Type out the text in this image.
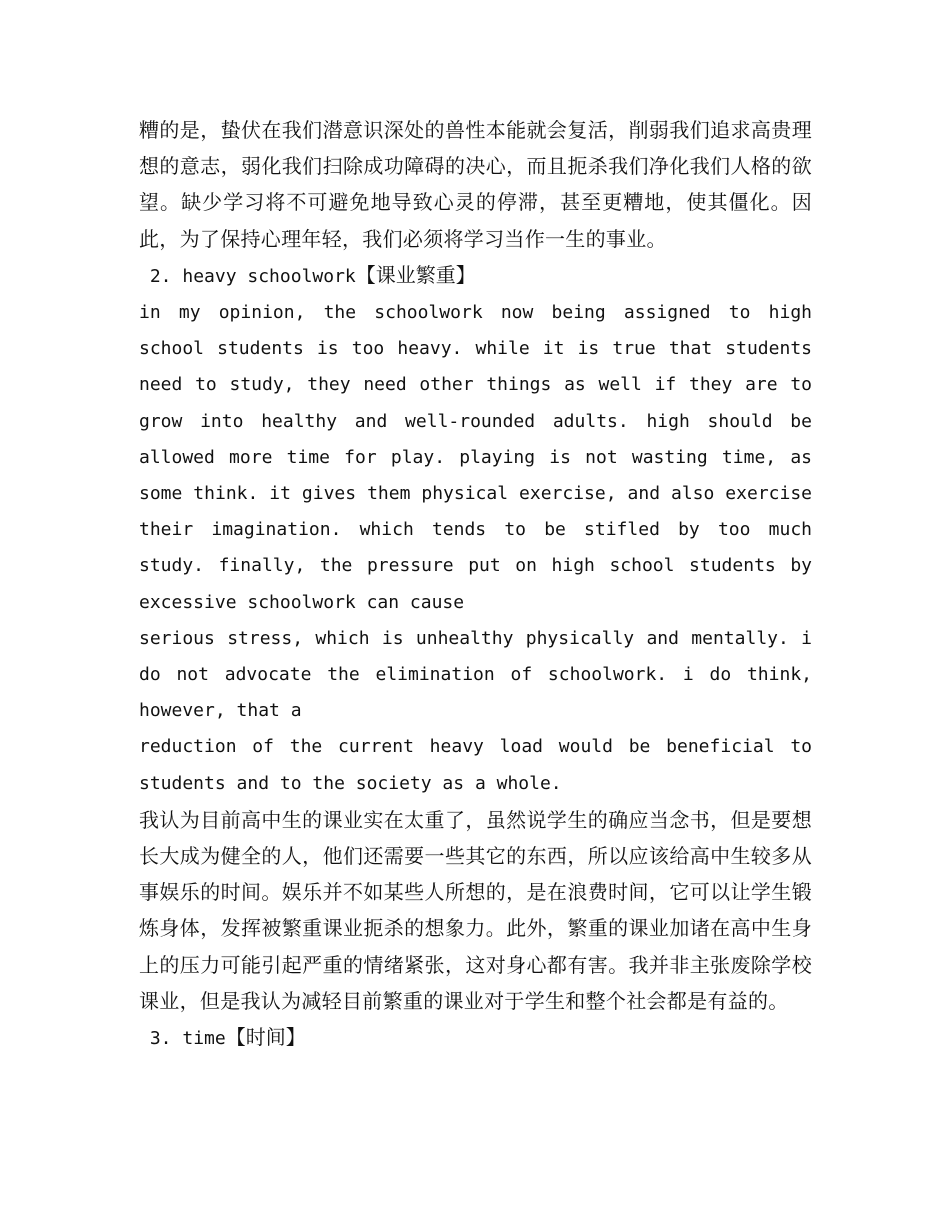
糟的是，蛰伏在我们潜意识深处的兽性本能就会复活，削弱我们追求高贵理想的意志，弱化我们扫除成功障碍的决心，而且扼杀我们净化我们人格的欲望。缺少学习将不可避免地导致心灵的停滞，甚至更糟地，使其僵化。因此，为了保持心理年轻，我们必须将学习当作一生的事业。

2. heavy schoolwork【课业繁重】

in my opinion, the schoolwork now being assigned to high

school students is too heavy. while it is true that students

need to study, they need other things as well if they are to

grow into healthy and well-rounded adults. high should be

allowed more time for play. playing is not wasting time, as

some think. it gives them physical exercise, and also exercise

their imagination. which tends to be stifled by too much

study. finally, the pressure put on high school students by

excessive schoolwork can cause

serious stress, which is unhealthy physically and mentally. i

do not advocate the elimination of schoolwork. i do think,

however, that a

reduction of the current heavy load would be beneficial to

students and to the society as a whole.

我认为目前高中生的课业实在太重了，虽然说学生的确应当念书，但是要想长大成为健全的人，他们还需要一些其它的东西，所以应该给高中生较多从事娱乐的时间。娱乐并不如某些人所想的，是在浪费时间，它可以让学生锻炼身体，发挥被繁重课业扼杀的想象力。此外，繁重的课业加诸在高中生身上的压力可能引起严重的情绪紧张，这对身心都有害。我并非主张废除学校课业，但是我认为减轻目前繁重的课业对于学生和整个社会都是有益的。

3. time【时间】
